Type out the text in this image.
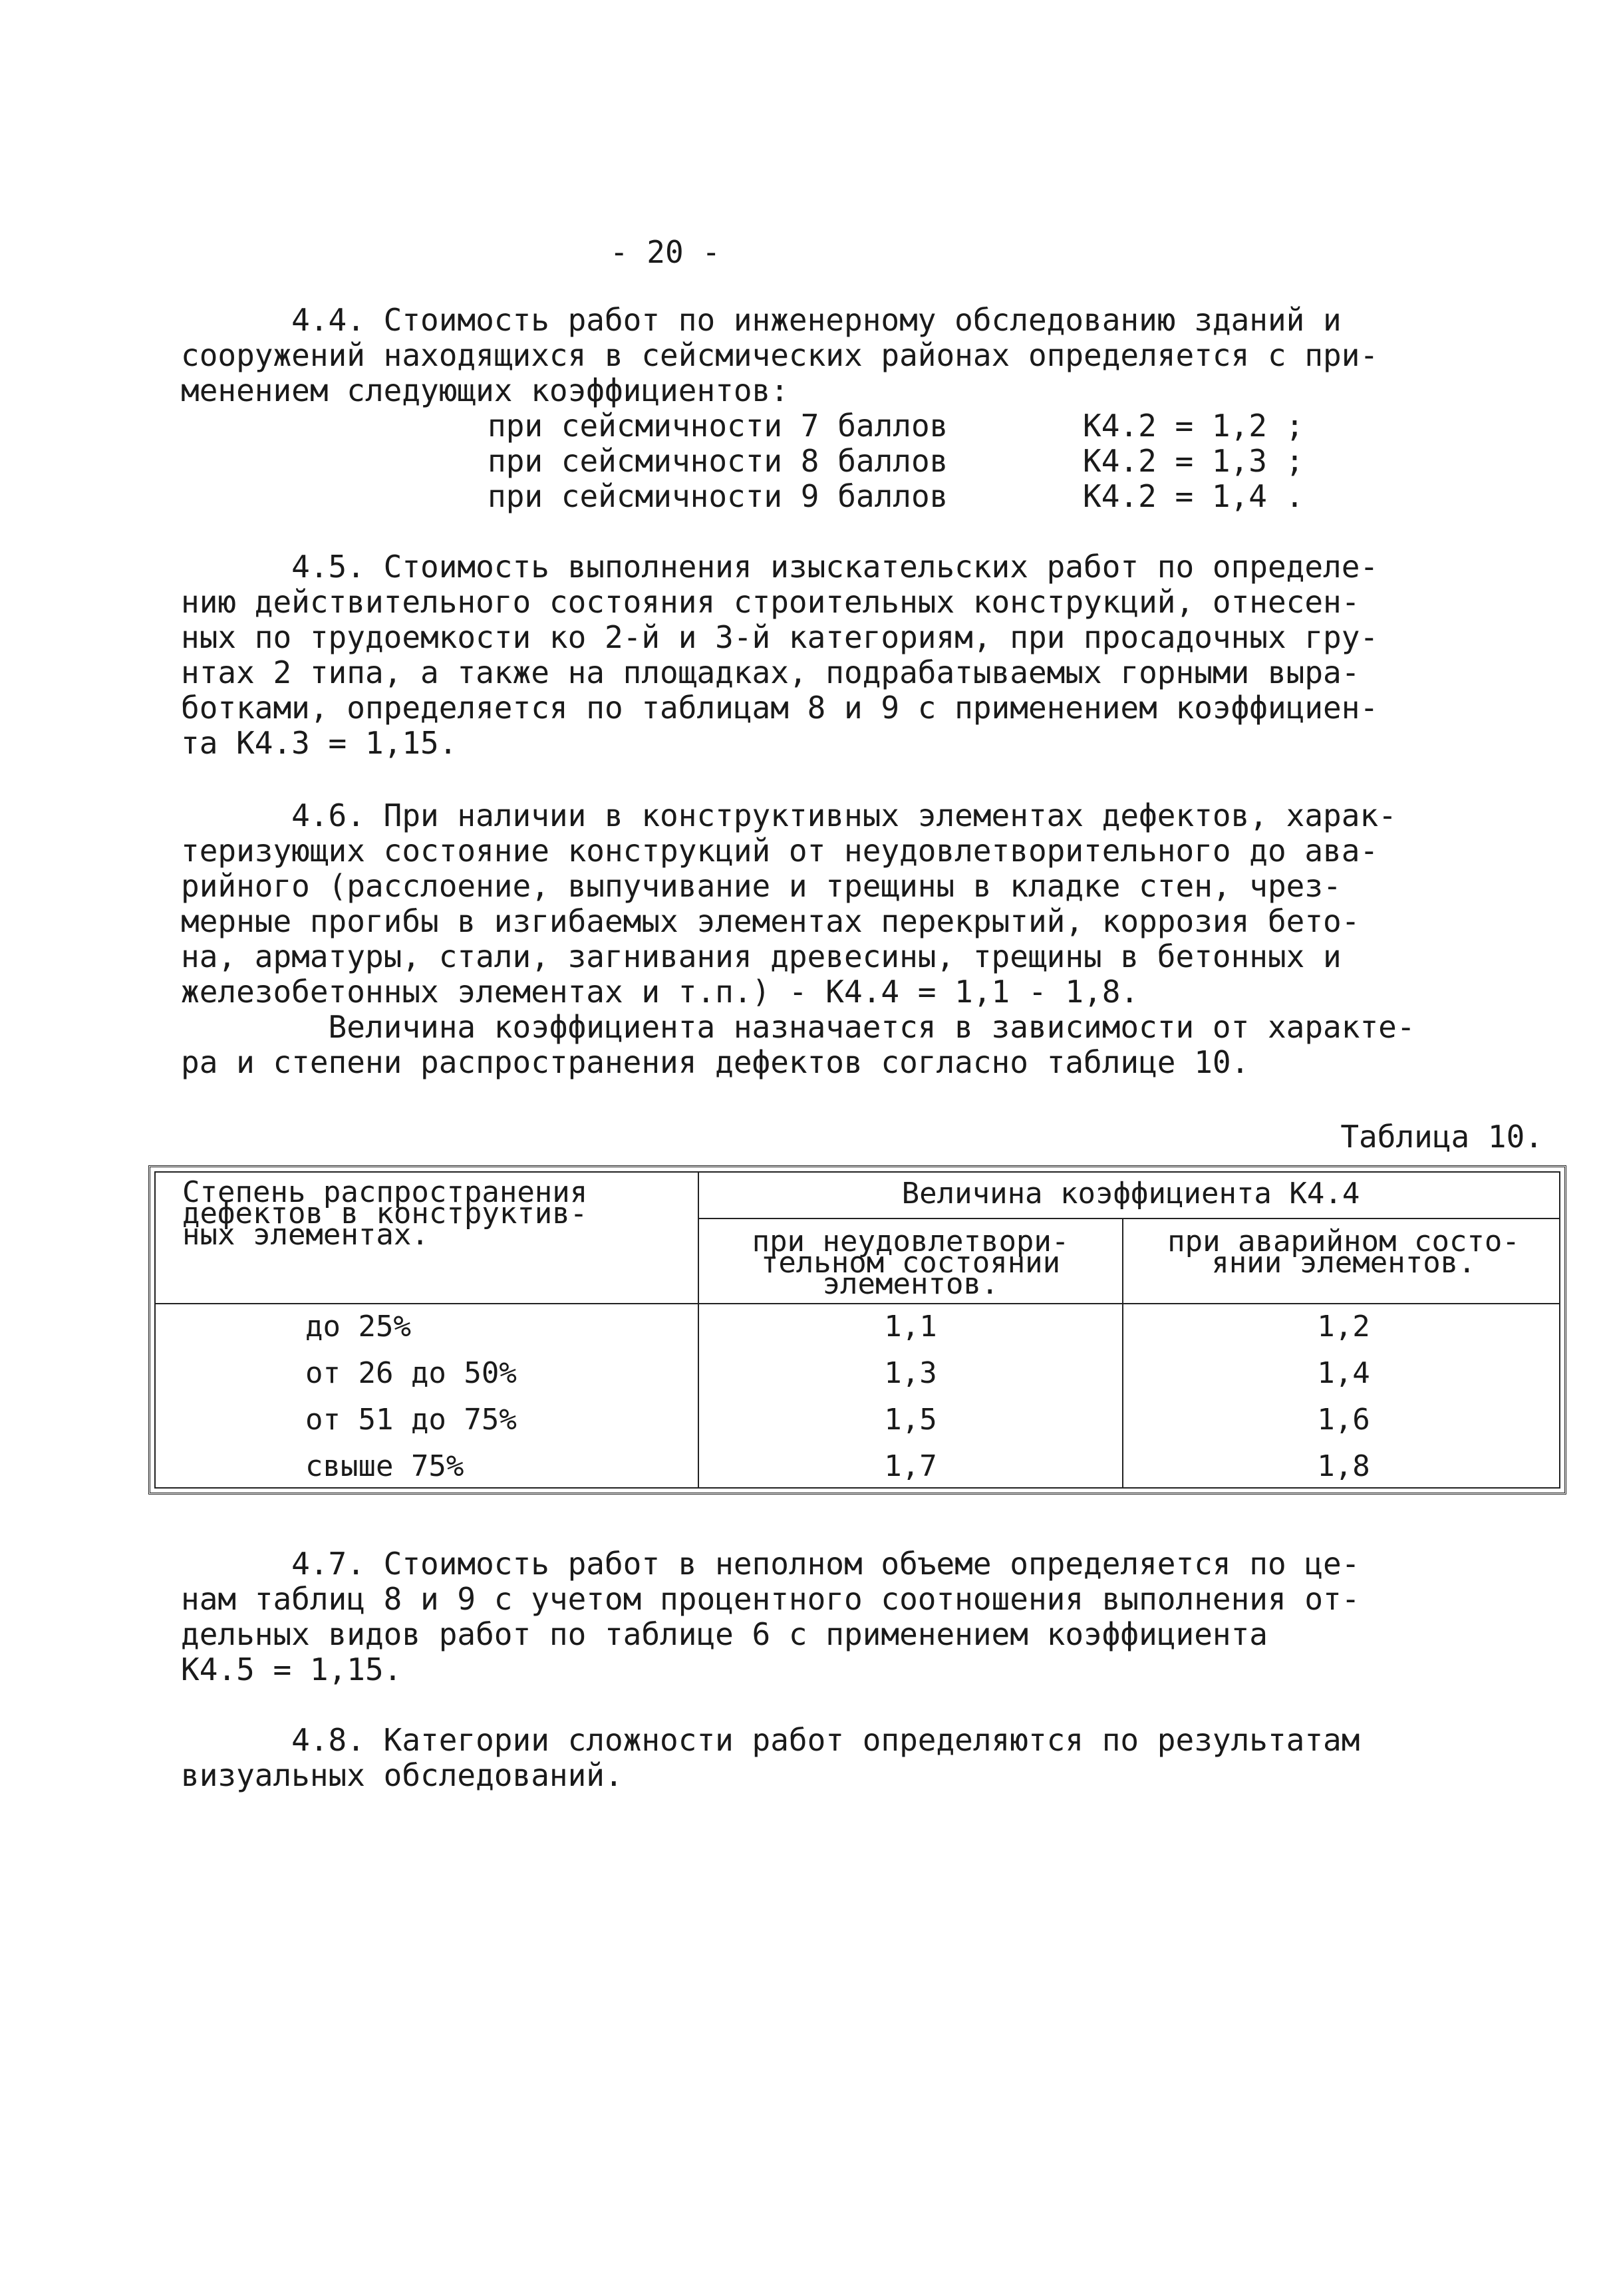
- 20 -
4.4. Стоимость работ по инженерному обследованию зданий и
сооружений находящихся в сейсмических районах определяется с при-
менением следующих коэффициентов:
при сейсмичности 7 баллов	К4.2 = 1,2 ;
при сейсмичности 8 баллов	К4.2 = 1,3 ;
при сейсмичности 9 баллов	К4.2 = 1,4 .
4.5. Стоимость выполнения изыскательских работ по определе-
нию действительного состояния строительных конструкций, отнесен-
ных по трудоемкости ко 2-й и 3-й категориям, при просадочных гру-
нтах 2 типа, а также на площадках, подрабатываемых горными выра-
ботками, определяется по таблицам 8 и 9 с применением коэффициен-
та К4.3 = 1,15.
4.6. При наличии в конструктивных элементах дефектов, харак-
теризующих состояние конструкций от неудовлетворительного до ава-
рийного (расслоение, выпучивание и трещины в кладке стен, чрез-
мерные прогибы в изгибаемых элементах перекрытий, коррозия бето-
на, арматуры, стали, загнивания древесины, трещины в бетонных и
железобетонных элементах и т.п.) - К4.4 = 1,1 - 1,8.
Величина коэффициента назначается в зависимости от характе-
ра и степени распространения дефектов согласно таблице 10.
Таблица 10.
Степень распространения
дефектов в конструктив-
ных элементах.
Величина коэффициента К4.4
при неудовлетвори-
тельном состоянии
элементов.
при аварийном состо-
янии элементов.
до 25%	1,1	1,2
от 26 до 50%	1,3	1,4
от 51 до 75%	1,5	1,6
свыше 75%	1,7	1,8
4.7. Стоимость работ в неполном объеме определяется по це-
нам таблиц 8 и 9 с учетом процентного соотношения выполнения от-
дельных видов работ по таблице 6 с применением коэффициента
К4.5 = 1,15.
4.8. Категории сложности работ определяются по результатам
визуальных обследований.
